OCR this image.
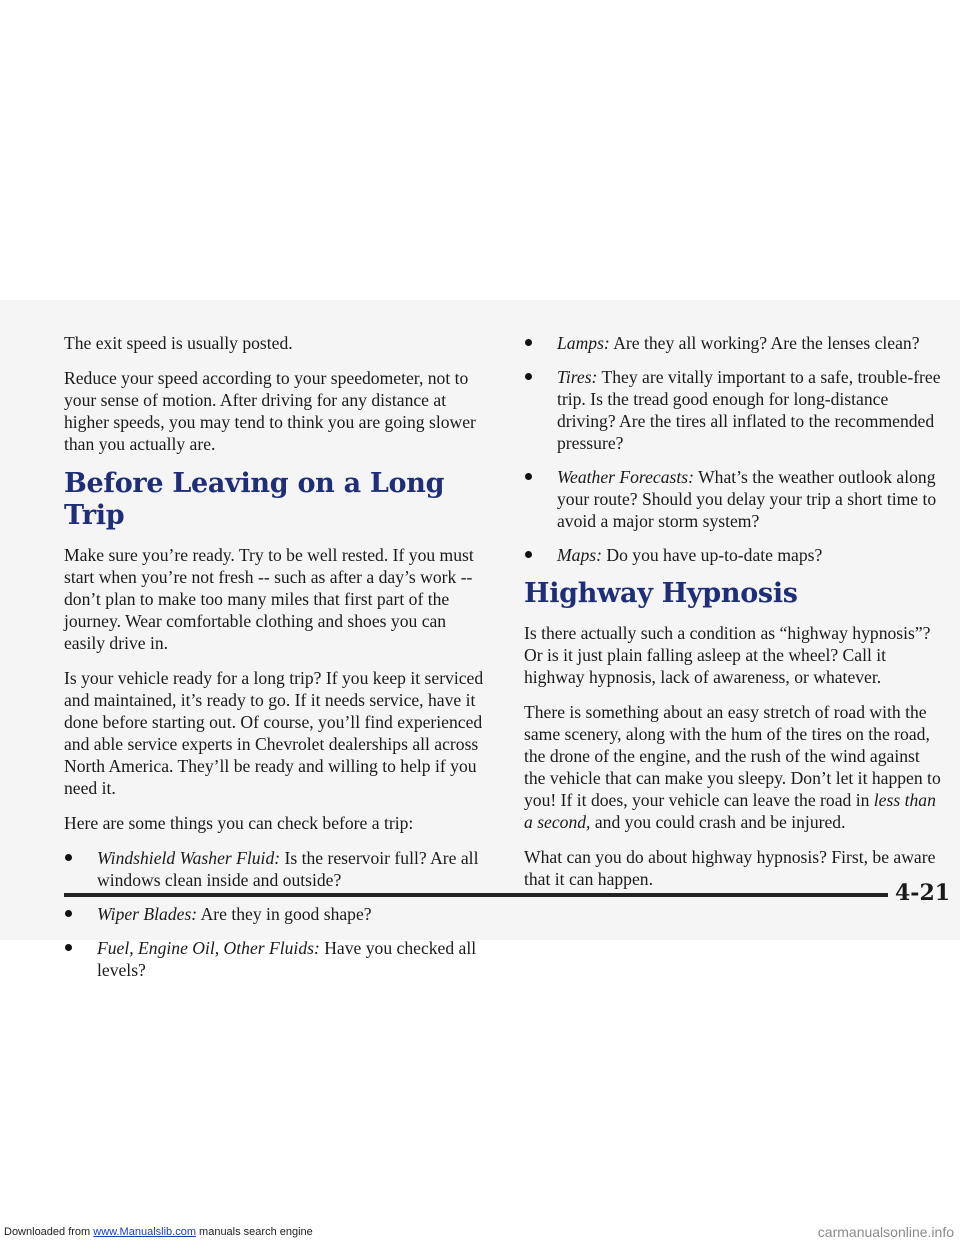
The exit speed is usually posted.

Reduce your speed according to your speedometer, not to your sense of motion. After driving for any distance at higher speeds, you may tend to think you are going slower than you actually are.

Before Leaving on a Long Trip

Make sure you’re ready. Try to be well rested. If you must start when you’re not fresh -- such as after a day’s work -- don’t plan to make too many miles that first part of the journey. Wear comfortable clothing and shoes you can easily drive in.

Is your vehicle ready for a long trip? If you keep it serviced and maintained, it’s ready to go. If it needs service, have it done before starting out. Of course, you’ll find experienced and able service experts in Chevrolet dealerships all across North America. They’ll be ready and willing to help if you need it.

Here are some things you can check before a trip:

Windshield Washer Fluid: Is the reservoir full? Are all windows clean inside and outside?
Wiper Blades: Are they in good shape?
Fuel, Engine Oil, Other Fluids: Have you checked all levels?
Lamps: Are they all working? Are the lenses clean?
Tires: They are vitally important to a safe, trouble-free trip. Is the tread good enough for long-distance driving? Are the tires all inflated to the recommended pressure?
Weather Forecasts: What’s the weather outlook along your route? Should you delay your trip a short time to avoid a major storm system?
Maps: Do you have up-to-date maps?
Highway Hypnosis

Is there actually such a condition as “highway hypnosis”? Or is it just plain falling asleep at the wheel? Call it highway hypnosis, lack of awareness, or whatever.

There is something about an easy stretch of road with the same scenery, along with the hum of the tires on the road, the drone of the engine, and the rush of the wind against the vehicle that can make you sleepy. Don’t let it happen to you! If it does, your vehicle can leave the road in less than a second, and you could crash and be injured.

What can you do about highway hypnosis? First, be aware that it can happen.

4-21
Downloaded from www.Manualslib.com manuals search engine	carmanualsonline.info
